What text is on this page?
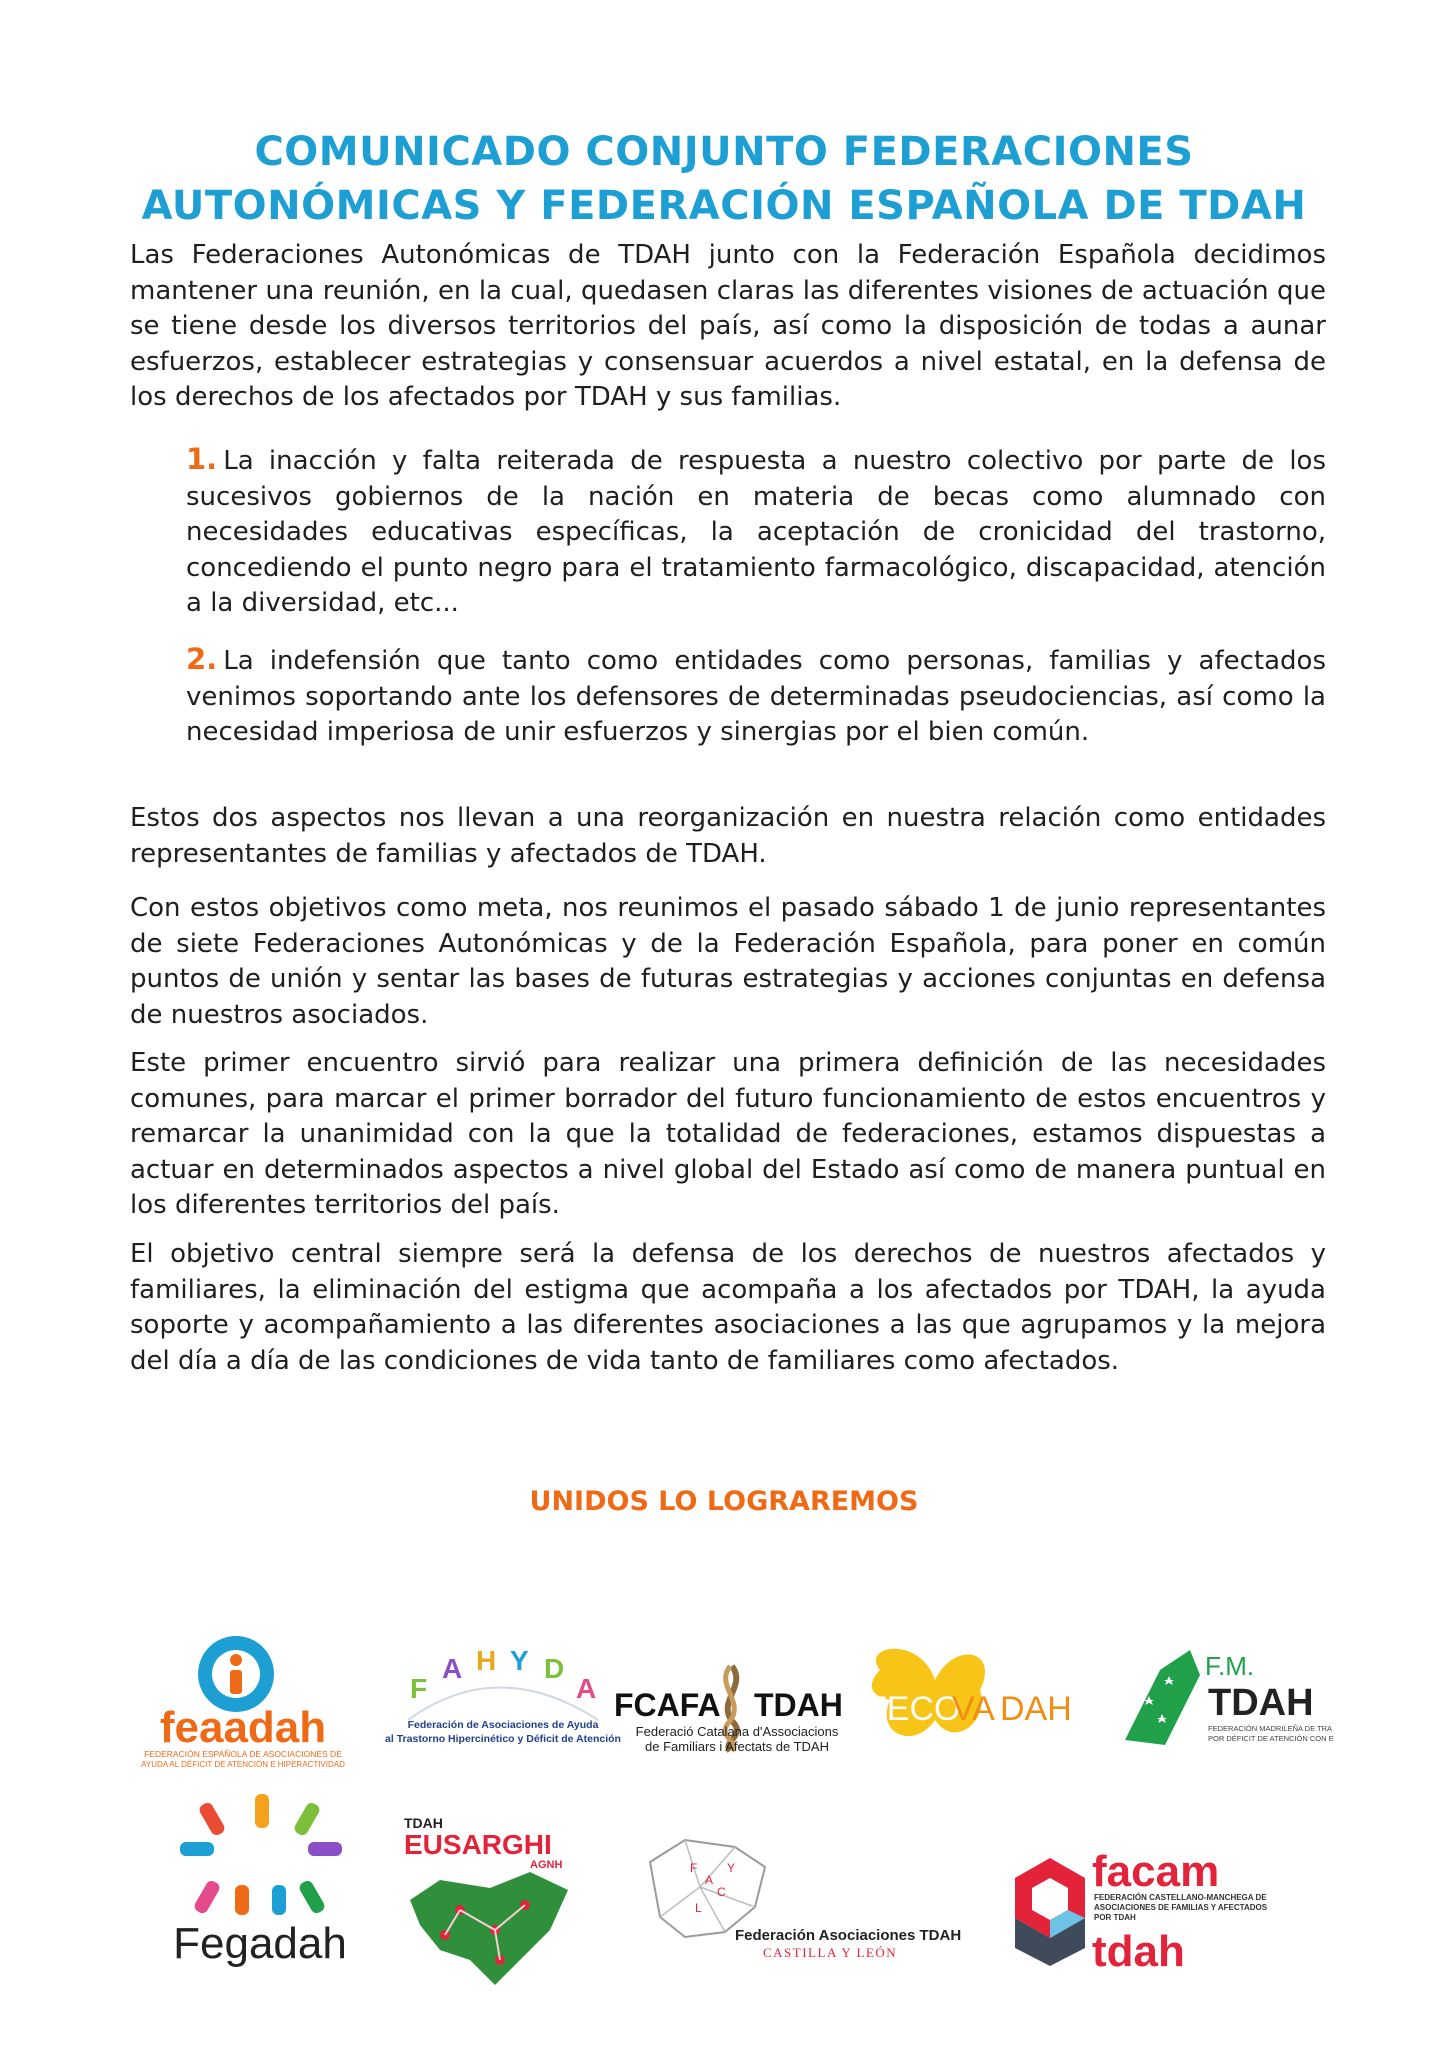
COMUNICADO CONJUNTO FEDERACIONES
AUTONÓMICAS Y FEDERACIÓN ESPAÑOLA DE TDAH

Las Federaciones Autonómicas de TDAH junto con la Federación Española decidimos mantener una reunión, en la cual, quedasen claras las diferentes visiones de actuación que se tiene desde los diversos territorios del país, así como la disposición de todas a aunar esfuerzos, establecer estrategias y consensuar acuerdos a nivel estatal, en la defensa de los derechos de los afectados por TDAH y sus familias.

1. La inacción y falta reiterada de respuesta a nuestro colectivo por parte de los sucesivos gobiernos de la nación en materia de becas como alumnado con necesidades educativas específicas, la aceptación de cronicidad del trastorno, concediendo el punto negro para el tratamiento farmacológico, discapacidad, atención a la diversidad, etc...

2. La indefensión que tanto como entidades como personas, familias y afectados venimos soportando ante los defensores de determinadas pseudociencias, así como la necesidad imperiosa de unir esfuerzos y sinergias por el bien común.

Estos dos aspectos nos llevan a una reorganización en nuestra relación como entidades representantes de familias y afectados de TDAH.

Con estos objetivos como meta, nos reunimos el pasado sábado 1 de junio representantes de siete Federaciones Autonómicas y de la Federación Española, para poner en común puntos de unión y sentar las bases de futuras estrategias y acciones conjuntas en defensa de nuestros asociados.

Este primer encuentro sirvió para realizar una primera definición de las necesidades comunes, para marcar el primer borrador del futuro funcionamiento de estos encuentros y remarcar la unanimidad con la que la totalidad de federaciones, estamos dispuestas a actuar en determinados aspectos a nivel global del Estado así como de manera puntual en los diferentes territorios del país.

El objetivo central siempre será la defensa de los derechos de nuestros afectados y familiares, la eliminación del estigma que acompaña a los afectados por TDAH, la ayuda soporte y acompañamiento a las diferentes asociaciones a las que agrupamos y la mejora del día a día de las condiciones de vida tanto de familiares como afectados.

UNIDOS LO LOGRAREMOS
feaadah
FEDERACIÓN ESPAÑOLA DE ASOCIACIONES DE
AYUDA AL DÉFICIT DE ATENCIÓN E HIPERACTIVIDAD
F
A H Y D
A
Federación de Asociaciones de Ayuda
al Trastorno Hipercinético y Déficit de Atención
FCAFA TDAH
Federació Catalana d'Associacions
de Familiars i Afectats de TDAH
FECO
VA DAH
F.M.
TDAH
FEDERACIÓN MADRILEÑA DE TRA
POR DÉFICIT DE ATENCIÓN CON E
Fegadah
TDAH
EUSARGHI
AGNH	F
A
C
Y
L
Federación Asociaciones TDAH
CASTILLA Y LEÓN
facam
FEDERACIÓN CASTELLANO-MANCHEGA DE
ASOCIACIONES DE FAMILIAS Y AFECTADOS
POR TDAH
tdah
